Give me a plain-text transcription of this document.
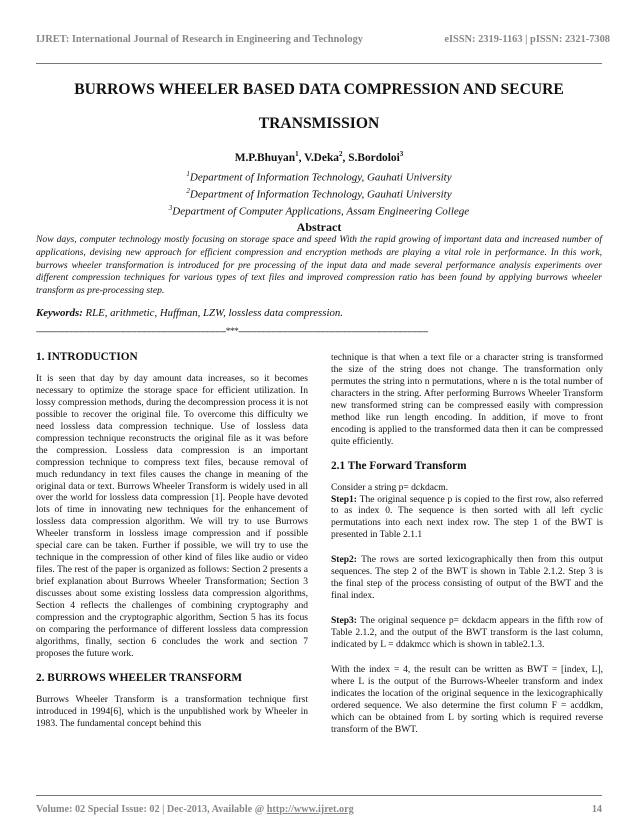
IJRET: International Journal of Research in Engineering and Technology	eISSN: 2319-1163 | pISSN: 2321-7308
BURROWS WHEELER BASED DATA COMPRESSION AND SECURE
TRANSMISSION
M.P.Bhuyan$^1$, V.Deka$^2$, S.Bordoloi$^3$
$^1$Department of Information Technology, Gauhati University
$^2$Department of Information Technology, Gauhati University
$^3$Department of Computer Applications, Assam Engineering College
Abstract
Now days, computer technology mostly focusing on storage space and speed With the rapid growing of important data and increased number of applications, devising new approach for efficient compression and encryption methods are playing a vital role in performance. In this work, burrows wheeler transformation is introduced for pre processing of the input data and made several performance analysis experiments over different compression techniques for various types of text files and improved compression ratio has been found by applying burrows wheeler transform as pre-processing step.
Keywords: RLE, arithmetic, Huffman, LZW, lossless data compression.
--------------------------------------------------------------------------***--------------------------------------------------------------------------
1. INTRODUCTION

It is seen that day by day amount data increases, so it becomes necessary to optimize the storage space for efficient utilization. In lossy compression methods, during the decompression process it is not possible to recover the original file. To overcome this difficulty we need lossless data compression technique. Use of lossless data compression technique reconstructs the original file as it was before the compression. Lossless data compression is an important compression technique to compress text files, because removal of much redundancy in text files causes the change in meaning of the original data or text. Burrows Wheeler Transform is widely used in all over the world for lossless data compression [1]. People have devoted lots of time in innovating new techniques for the enhancement of lossless data compression algorithm. We will try to use Burrows Wheeler transform in lossless image compression and if possible special care can be taken. Further if possible, we will try to use the technique in the compression of other kind of files like audio or video files. The rest of the paper is organized as follows: Section 2 presents a brief explanation about Burrows Wheeler Transformation; Section 3 discusses about some existing lossless data compression algorithms, Section 4 reflects the challenges of combining cryptography and compression and the cryptographic algorithm, Section 5 has its focus on comparing the performance of different lossless data compression algorithms, finally, section 6 concludes the work and section 7 proposes the future work.

2. BURROWS WHEELER TRANSFORM

Burrows Wheeler Transform is a transformation technique first introduced in 1994[6], which is the unpublished work by Wheeler in 1983. The fundamental concept behind this

technique is that when a text file or a character string is transformed the size of the string does not change. The transformation only permutes the string into n permutations, where n is the total number of characters in the string. After performing Burrows Wheeler Transform new transformed string can be compressed easily with compression method like run length encoding. In addition, if move to front encoding is applied to the transformed data then it can be compressed quite efficiently.

2.1 The Forward Transform

Consider a string p= dckdacm.
Step1: The original sequence p is copied to the first row, also referred to as index 0. The sequence is then sorted with all left cyclic permutations into each next index row. The step 1 of the BWT is presented in Table 2.1.1

Step2: The rows are sorted lexicographically then from this output sequences. The step 2 of the BWT is shown in Table 2.1.2. Step 3 is the final step of the process consisting of output of the BWT and the final index.

Step3: The original sequence p= dckdacm appears in the fifth row of Table 2.1.2, and the output of the BWT transform is the last column, indicated by L = ddakmcc which is shown in table2.1.3.

With the index = 4, the result can be written as BWT = [index, L], where L is the output of the Burrows-Wheeler transform and index indicates the location of the original sequence in the lexicographically ordered sequence. We also determine the first column F = acddkm, which can be obtained from L by sorting which is required reverse transform of the BWT.

Volume: 02 Special Issue: 02 | Dec-2013, Available @ http://www.ijret.org	14
